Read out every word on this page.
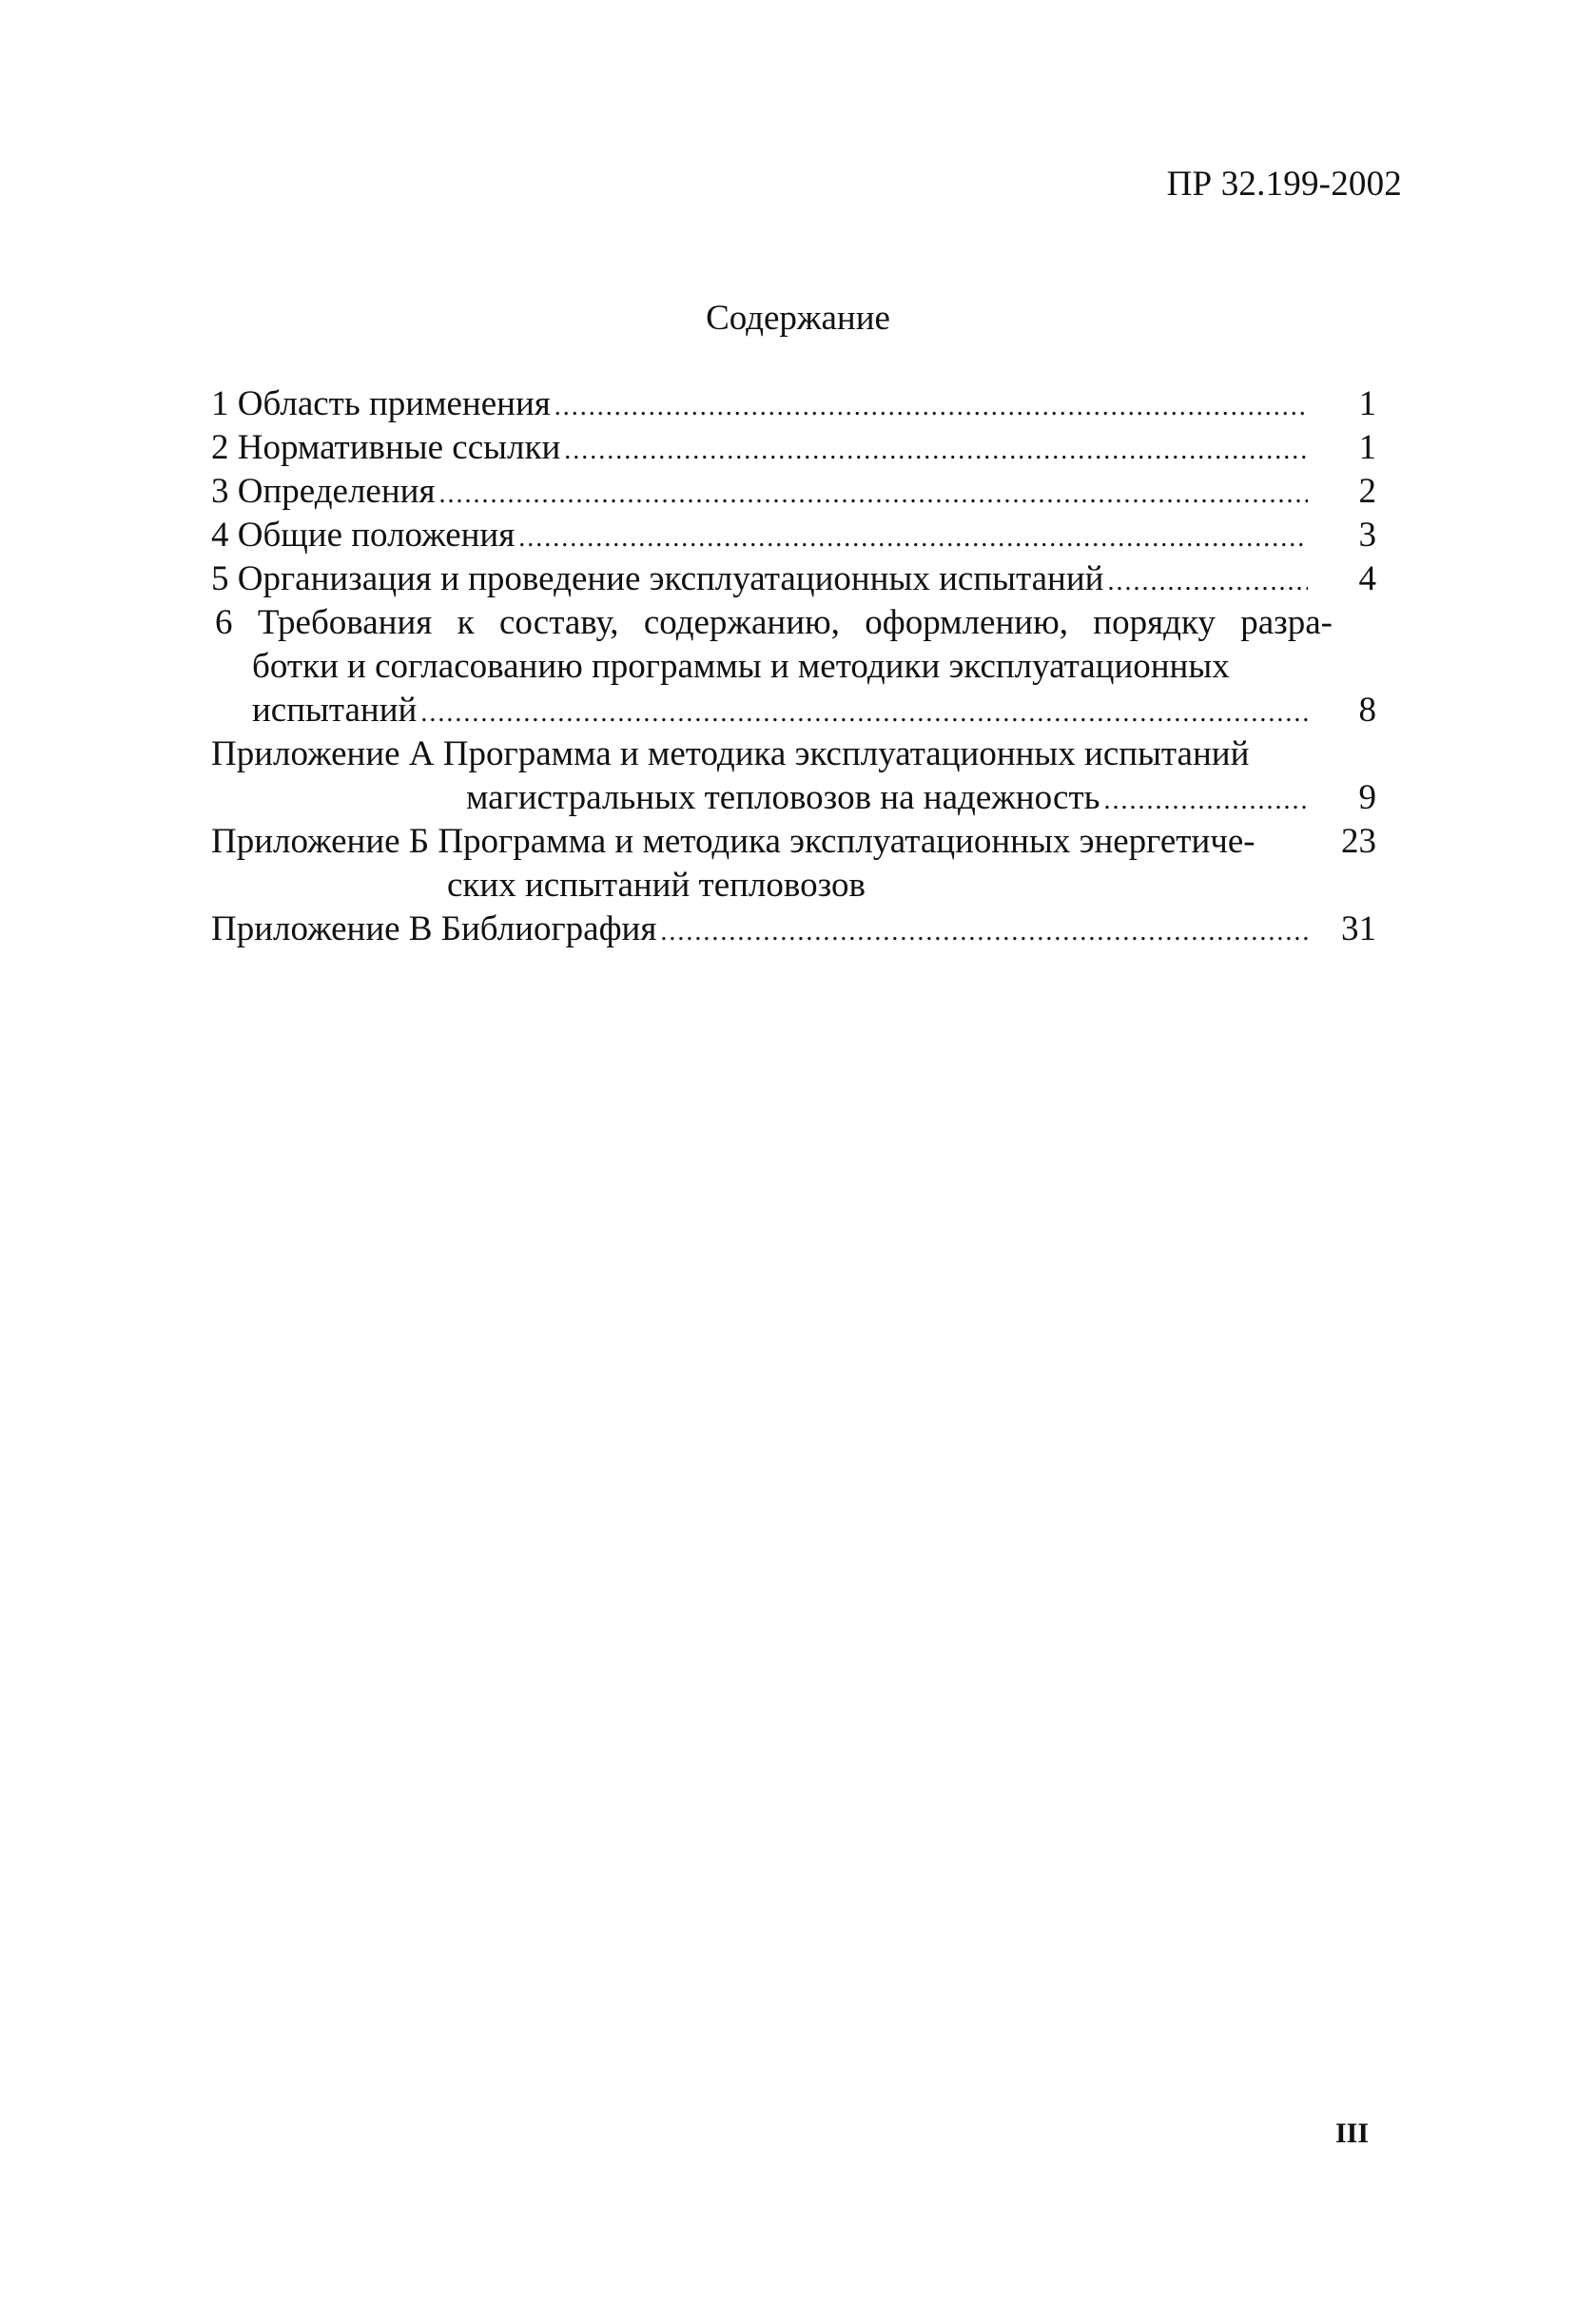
ПР 32.199-2002
Содержание
1 Область применения .....	1
2 Нормативные ссылки .....	1
3 Определения .....	2
4 Общие положения .....	3
5 Организация и проведение эксплуатационных испытаний .....	4
6 Требования к составу, содержанию, оформлению, порядку разра-
ботки и согласованию программы и методики эксплуатационных
испытаний .....	8
Приложение А Программа и методика эксплуатационных испытаний
магистральных тепловозов на надежность .....	9
Приложение Б Программа и методика эксплуатационных энергетиче-	23
ских испытаний тепловозов
Приложение В Библиография .....	31
III
